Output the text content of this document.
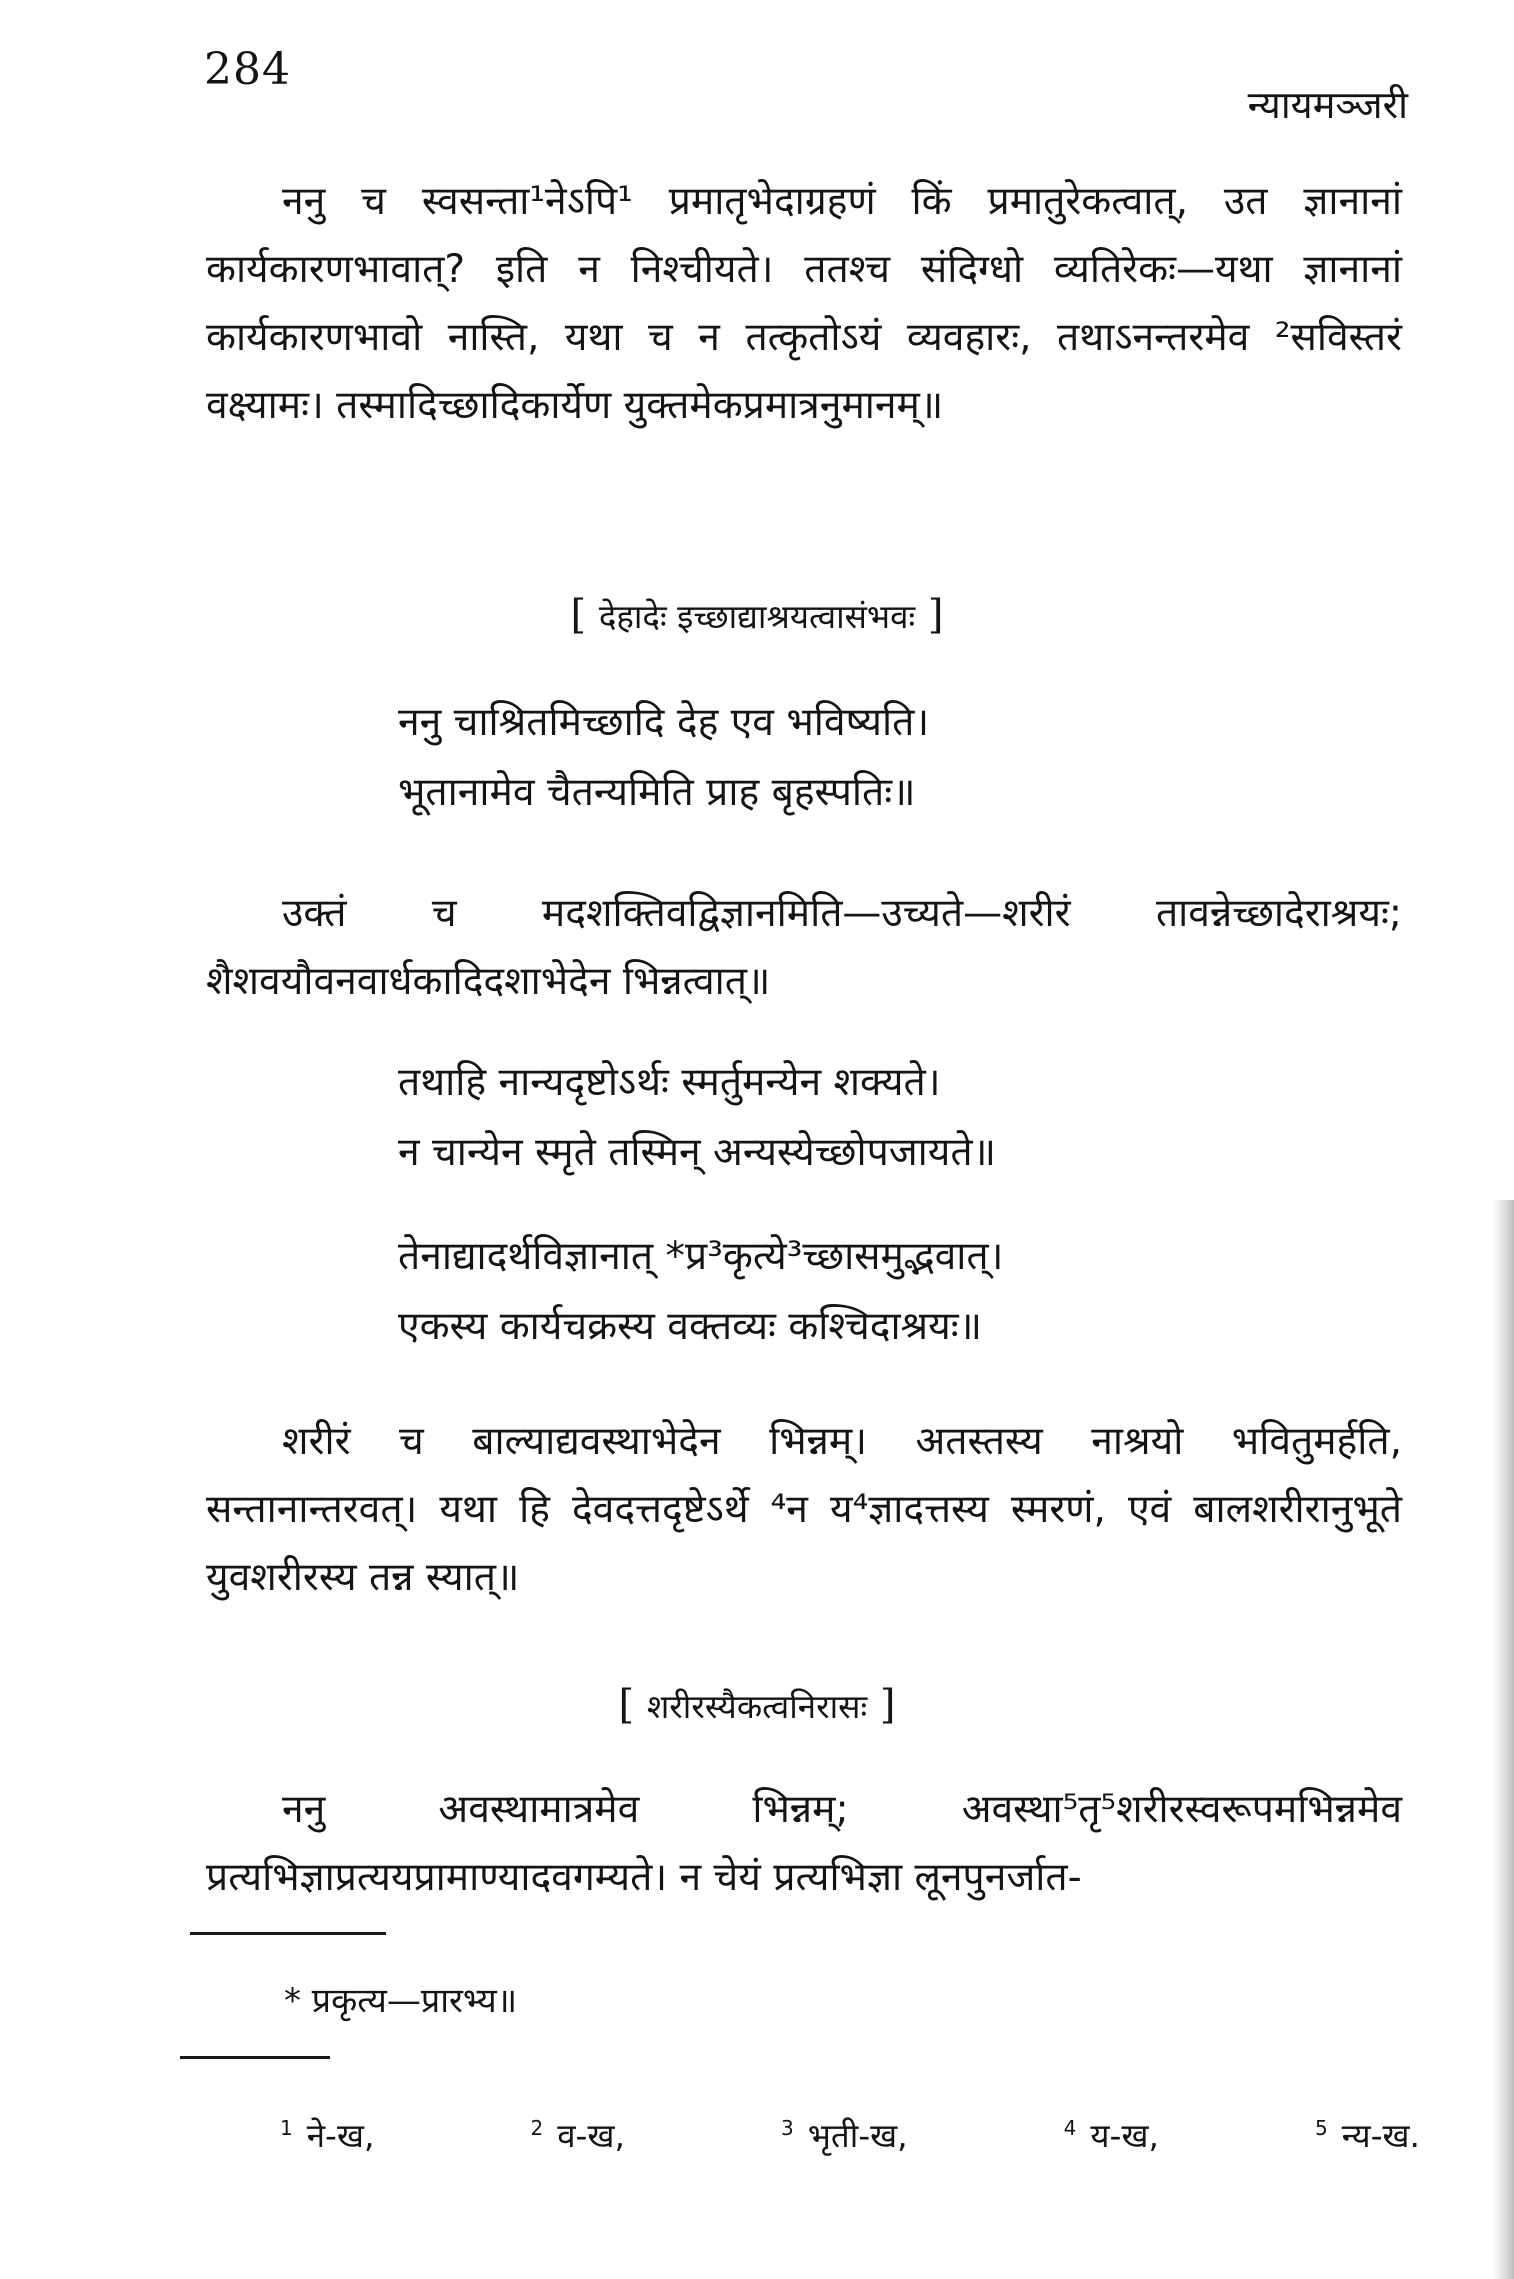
284
न्यायमञ्जरी

ननु च स्वसन्ता¹नेऽपि¹ प्रमातृभेदाग्रहणं किं प्रमातुरेकत्वात्, उत ज्ञानानां कार्यकारणभावात्? इति न निश्चीयते। ततश्च संदिग्धो व्यतिरेकः—यथा ज्ञानानां कार्यकारणभावो नास्ति, यथा च न तत्कृतोऽयं व्यवहारः, तथाऽनन्तरमेव ²सविस्तरं वक्ष्यामः। तस्मादिच्छादिकार्येण युक्तमेकप्रमात्रनुमानम्॥

[ देहादेः इच्छाद्याश्रयत्वासंभवः ]
ननु चाश्रितमिच्छादि देह एव भविष्यति।
भूतानामेव चैतन्यमिति प्राह बृहस्पतिः॥

उक्तं च मदशक्तिवद्विज्ञानमिति—उच्यते—शरीरं तावन्नेच्छादेराश्रयः; शैशवयौवनवार्धकादिदशाभेदेन भिन्नत्वात्॥

तथाहि नान्यदृष्टोऽर्थः स्मर्तुमन्येन शक्यते।
न चान्येन स्मृते तस्मिन् अन्यस्येच्छोपजायते॥
तेनाद्यादर्थविज्ञानात् *प्र³कृत्ये³च्छासमुद्भवात्।
एकस्य कार्यचक्रस्य वक्तव्यः कश्चिदाश्रयः॥

शरीरं च बाल्याद्यवस्थाभेदेन भिन्नम्। अतस्तस्य नाश्रयो भवितुमर्हति, सन्तानान्तरवत्। यथा हि देवदत्तदृष्टेऽर्थे ⁴न य⁴ज्ञादत्तस्य स्मरणं, एवं बालशरीरानुभूते युवशरीरस्य तन्न स्यात्॥

[ शरीरस्यैकत्वनिरासः ]

ननु अवस्थामात्रमेव भिन्नम्; अवस्था⁵तृ⁵शरीरस्वरूपमभिन्नमेव प्रत्यभिज्ञाप्रत्ययप्रामाण्यादवगम्यते। न चेयं प्रत्यभिज्ञा लूनपुनर्जात-

* प्रकृत्य—प्रारभ्य॥
$^1$ ने-ख,	$^2$ व-ख,	$^3$ भृती-ख,	$^4$ य-ख,	$^5$ न्य-ख.
